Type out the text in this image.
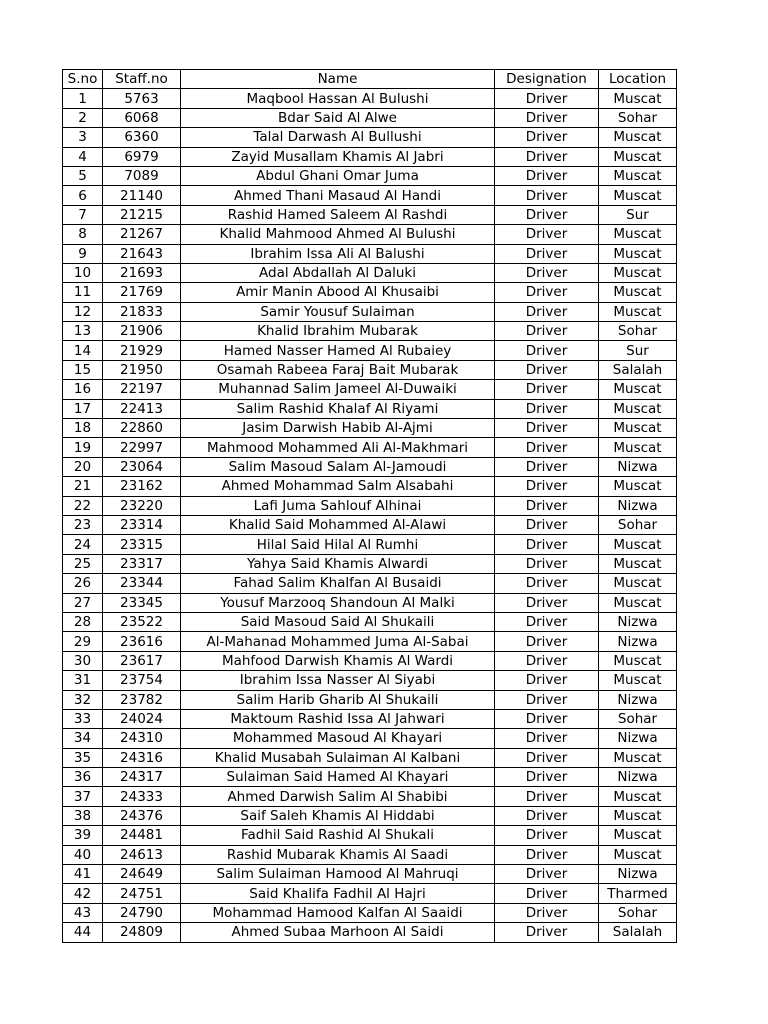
S.no	Staff.no	Name	Designation	Location
1	5763	Maqbool Hassan Al Bulushi	Driver	Muscat
2	6068	Bdar Said Al Alwe	Driver	Sohar
3	6360	Talal Darwash Al Bullushi	Driver	Muscat
4	6979	Zayid Musallam Khamis Al Jabri	Driver	Muscat
5	7089	Abdul Ghani Omar Juma	Driver	Muscat
6	21140	Ahmed Thani Masaud Al Handi	Driver	Muscat
7	21215	Rashid Hamed Saleem Al Rashdi	Driver	Sur
8	21267	Khalid Mahmood Ahmed Al Bulushi	Driver	Muscat
9	21643	Ibrahim Issa Ali Al Balushi	Driver	Muscat
10	21693	Adal Abdallah Al Daluki	Driver	Muscat
11	21769	Amir Manin Abood Al Khusaibi	Driver	Muscat
12	21833	Samir Yousuf Sulaiman	Driver	Muscat
13	21906	Khalid Ibrahim Mubarak	Driver	Sohar
14	21929	Hamed Nasser Hamed Al Rubaiey	Driver	Sur
15	21950	Osamah Rabeea Faraj Bait Mubarak	Driver	Salalah
16	22197	Muhannad Salim Jameel Al-Duwaiki	Driver	Muscat
17	22413	Salim Rashid Khalaf Al Riyami	Driver	Muscat
18	22860	Jasim Darwish Habib Al-Ajmi	Driver	Muscat
19	22997	Mahmood Mohammed Ali Al-Makhmari	Driver	Muscat
20	23064	Salim Masoud Salam Al-Jamoudi	Driver	Nizwa
21	23162	Ahmed Mohammad Salm Alsabahi	Driver	Muscat
22	23220	Lafi Juma Sahlouf Alhinai	Driver	Nizwa
23	23314	Khalid Said Mohammed Al-Alawi	Driver	Sohar
24	23315	Hilal Said Hilal Al Rumhi	Driver	Muscat
25	23317	Yahya Said Khamis Alwardi	Driver	Muscat
26	23344	Fahad Salim Khalfan Al Busaidi	Driver	Muscat
27	23345	Yousuf Marzooq Shandoun Al Malki	Driver	Muscat
28	23522	Said Masoud Said Al Shukaili	Driver	Nizwa
29	23616	Al-Mahanad Mohammed Juma Al-Sabai	Driver	Nizwa
30	23617	Mahfood Darwish Khamis Al Wardi	Driver	Muscat
31	23754	Ibrahim Issa Nasser Al Siyabi	Driver	Muscat
32	23782	Salim Harib Gharib Al Shukaili	Driver	Nizwa
33	24024	Maktoum Rashid Issa Al Jahwari	Driver	Sohar
34	24310	Mohammed Masoud Al Khayari	Driver	Nizwa
35	24316	Khalid Musabah Sulaiman Al Kalbani	Driver	Muscat
36	24317	Sulaiman Said Hamed Al Khayari	Driver	Nizwa
37	24333	Ahmed Darwish Salim Al Shabibi	Driver	Muscat
38	24376	Saif Saleh Khamis Al Hiddabi	Driver	Muscat
39	24481	Fadhil Said Rashid Al Shukali	Driver	Muscat
40	24613	Rashid Mubarak Khamis Al Saadi	Driver	Muscat
41	24649	Salim Sulaiman Hamood Al Mahruqi	Driver	Nizwa
42	24751	Said Khalifa Fadhil Al Hajri	Driver	Tharmed
43	24790	Mohammad Hamood Kalfan Al Saaidi	Driver	Sohar
44	24809	Ahmed Subaa Marhoon Al Saidi	Driver	Salalah
